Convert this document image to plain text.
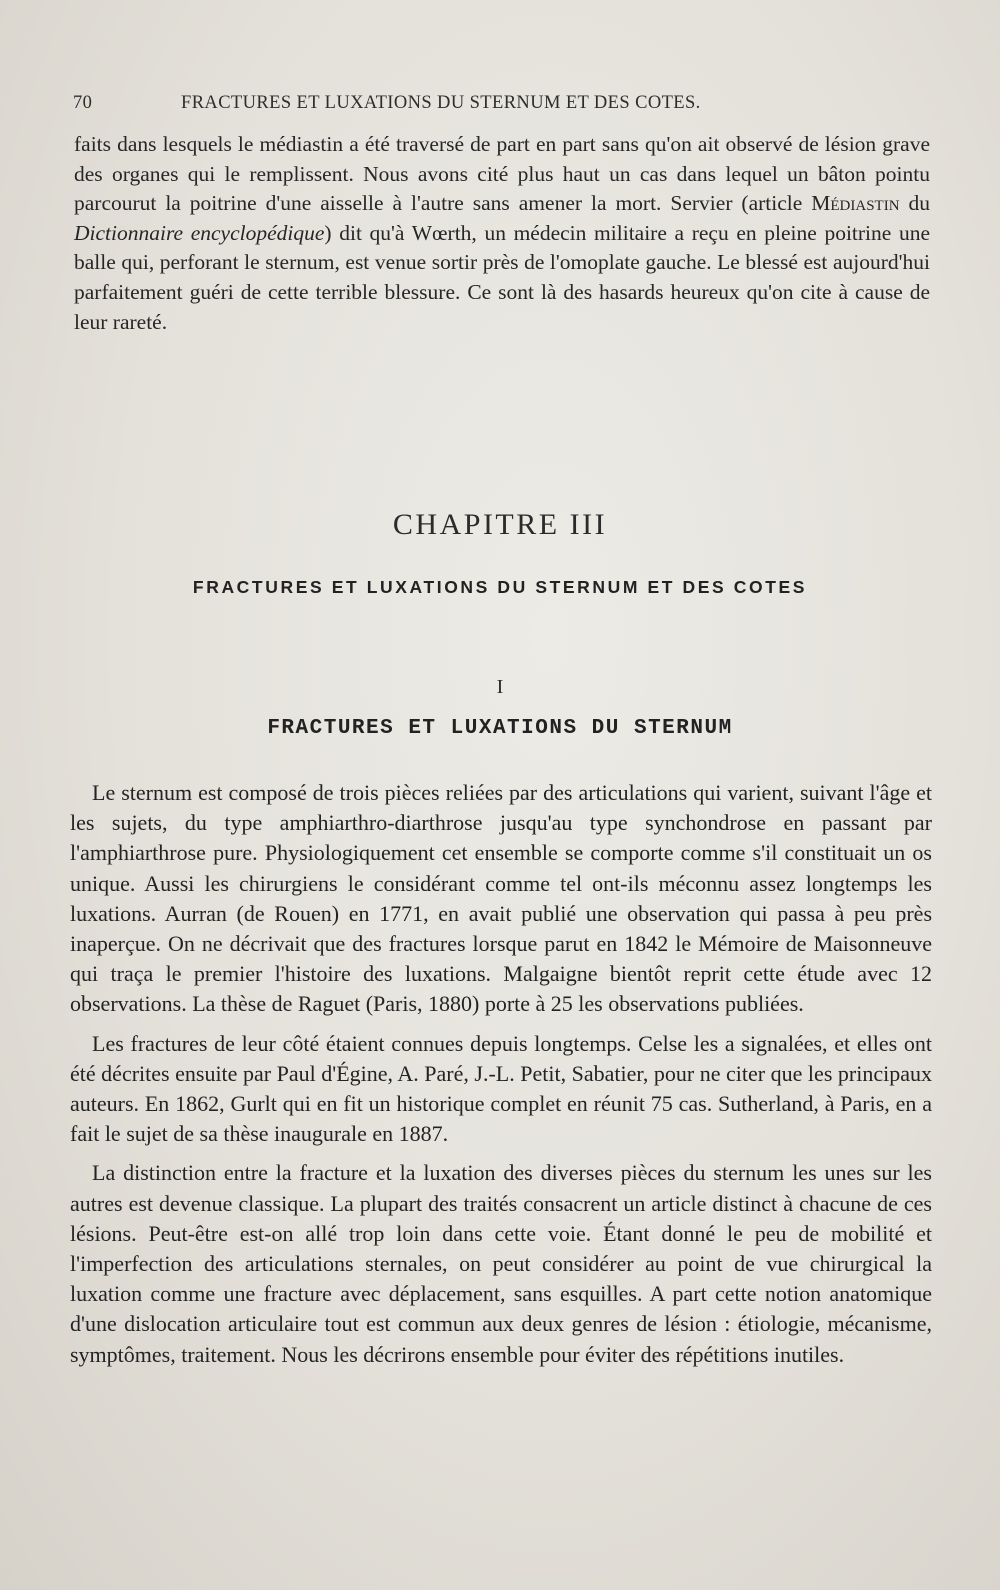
70	FRACTURES ET LUXATIONS DU STERNUM ET DES COTES.
faits dans lesquels le médiastin a été traversé de part en part sans qu'on ait observé de lésion grave des organes qui le remplissent. Nous avons cité plus haut un cas dans lequel un bâton pointu parcourut la poitrine d'une aisselle à l'autre sans amener la mort. Servier (article Médiastin du Dictionnaire encyclopédique) dit qu'à Wœrth, un médecin militaire a reçu en pleine poitrine une balle qui, perforant le sternum, est venue sortir près de l'omoplate gauche. Le blessé est aujourd'hui parfaitement guéri de cette terrible blessure. Ce sont là des hasards heureux qu'on cite à cause de leur rareté.
CHAPITRE III
FRACTURES ET LUXATIONS DU STERNUM ET DES COTES
I
FRACTURES ET LUXATIONS DU STERNUM

Le sternum est composé de trois pièces reliées par des articulations qui varient, suivant l'âge et les sujets, du type amphiarthro-diarthrose jusqu'au type synchondrose en passant par l'amphiarthrose pure. Physiologiquement cet ensemble se comporte comme s'il constituait un os unique. Aussi les chirurgiens le considérant comme tel ont-ils méconnu assez longtemps les luxations. Aurran (de Rouen) en 1771, en avait publié une observation qui passa à peu près inaperçue. On ne décrivait que des fractures lorsque parut en 1842 le Mémoire de Maisonneuve qui traça le premier l'histoire des luxations. Malgaigne bientôt reprit cette étude avec 12 observations. La thèse de Raguet (Paris, 1880) porte à 25 les observations publiées.

Les fractures de leur côté étaient connues depuis longtemps. Celse les a signalées, et elles ont été décrites ensuite par Paul d'Égine, A. Paré, J.-L. Petit, Sabatier, pour ne citer que les principaux auteurs. En 1862, Gurlt qui en fit un historique complet en réunit 75 cas. Sutherland, à Paris, en a fait le sujet de sa thèse inaugurale en 1887.

La distinction entre la fracture et la luxation des diverses pièces du sternum les unes sur les autres est devenue classique. La plupart des traités consacrent un article distinct à chacune de ces lésions. Peut-être est-on allé trop loin dans cette voie. Étant donné le peu de mobilité et l'imperfection des articulations sternales, on peut considérer au point de vue chirurgical la luxation comme une fracture avec déplacement, sans esquilles. A part cette notion anatomique d'une dislocation articulaire tout est commun aux deux genres de lésion : étiologie, mécanisme, symptômes, traitement. Nous les décrirons ensemble pour éviter des répétitions inutiles.
